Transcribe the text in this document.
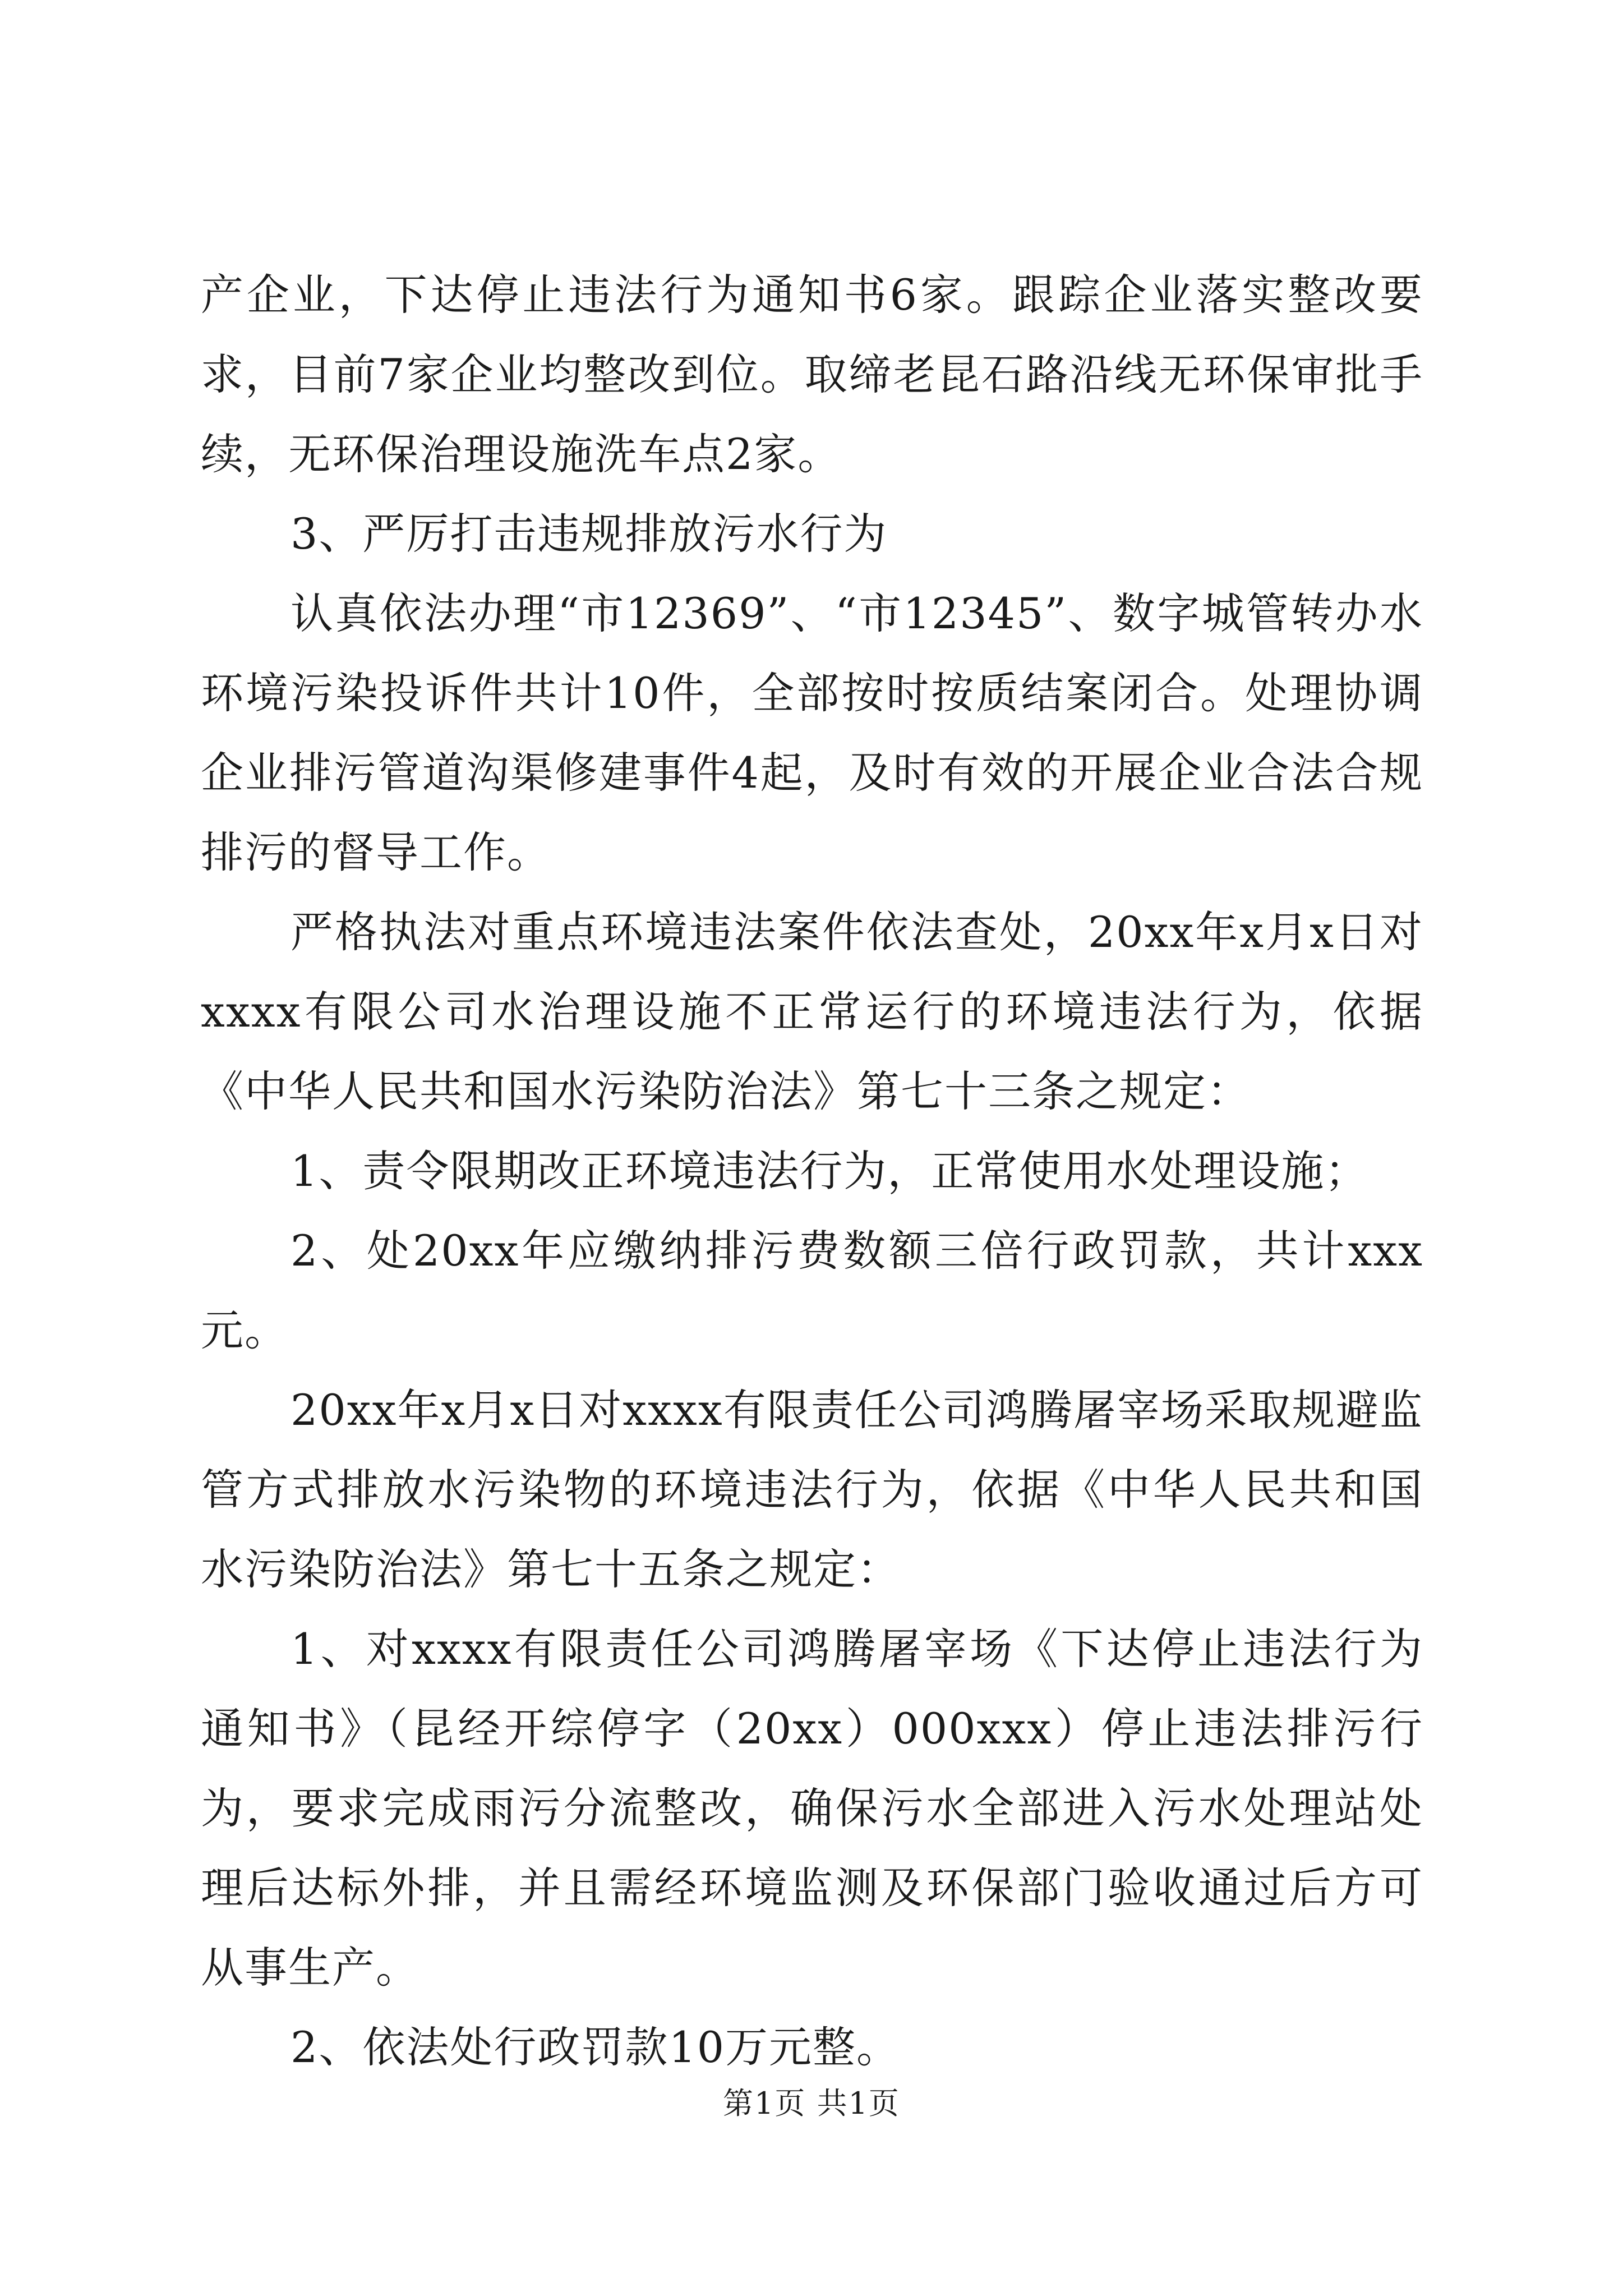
产企业，下达停止违法行为通知书6家。跟踪企业落实整改要求，目前7家企业均整改到位。取缔老昆石路沿线无环保审批手续，无环保治理设施洗车点2家。

3、严厉打击违规排放污水行为

认真依法办理“市12369”、“市12345”、数字城管转办水环境污染投诉件共计10件，全部按时按质结案闭合。处理协调企业排污管道沟渠修建事件4起，及时有效的开展企业合法合规排污的督导工作。

严格执法对重点环境违法案件依法查处，20xx年x月x日对xxxx有限公司水治理设施不正常运行的环境违法行为，依据《中华人民共和国水污染防治法》第七十三条之规定：

1、责令限期改正环境违法行为，正常使用水处理设施；

2、处20xx年应缴纳排污费数额三倍行政罚款，共计xxx元。

20xx年x月x日对xxxx有限责任公司鸿腾屠宰场采取规避监管方式排放水污染物的环境违法行为，依据《中华人民共和国水污染防治法》第七十五条之规定：

1、对xxxx有限责任公司鸿腾屠宰场《下达停止违法行为通知书》（昆经开综停字（20xx）000xxx）停止违法排污行为，要求完成雨污分流整改，确保污水全部进入污水处理站处理后达标外排，并且需经环境监测及环保部门验收通过后方可从事生产。

2、依法处行政罚款10万元整。

第1页 共1页
